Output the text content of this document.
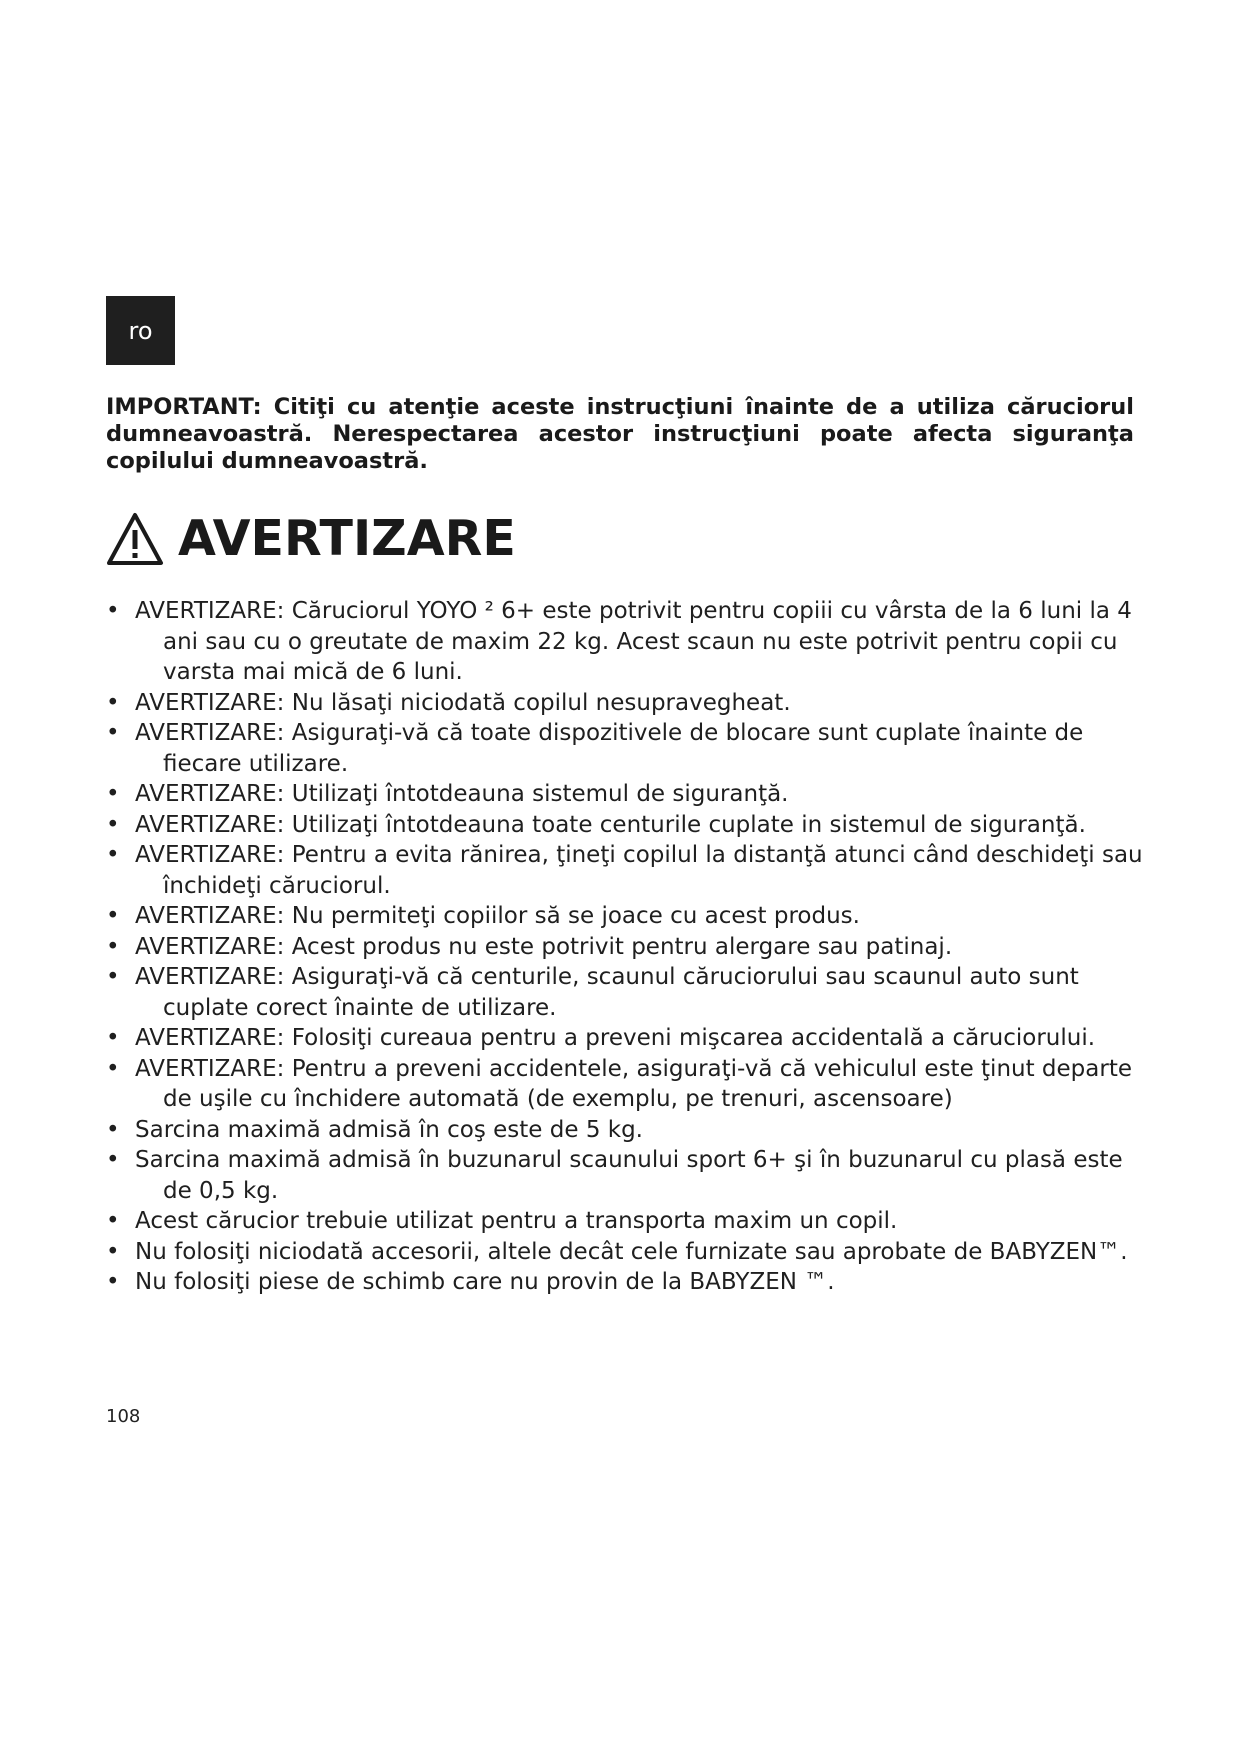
ro

IMPORTANT: Citiţi cu atenţie aceste instrucţiuni înainte de a utiliza căruciorul dumneavoastră. Nerespectarea acestor instrucţiuni poate afecta siguranţa copilului dumneavoastră.

AVERTIZARE
• AVERTIZARE: Căruciorul YOYO ² 6+ este potrivit pentru copiii cu vârsta de la 6 luni la 4 ani sau cu o greutate de maxim 22 kg. Acest scaun nu este potrivit pentru copii cu varsta mai mică de 6 luni.
• AVERTIZARE: Nu lăsaţi niciodată copilul nesupravegheat.
• AVERTIZARE: Asiguraţi-vă că toate dispozitivele de blocare sunt cuplate înainte de fiecare utilizare.
• AVERTIZARE: Utilizaţi întotdeauna sistemul de siguranţă.
• AVERTIZARE: Utilizaţi întotdeauna toate centurile cuplate in sistemul de siguranţă.
• AVERTIZARE: Pentru a evita rănirea, ţineţi copilul la distanţă atunci când deschideţi sau închideţi căruciorul.
• AVERTIZARE: Nu permiteţi copiilor să se joace cu acest produs.
• AVERTIZARE: Acest produs nu este potrivit pentru alergare sau patinaj.
• AVERTIZARE: Asiguraţi-vă că centurile, scaunul căruciorului sau scaunul auto sunt cuplate corect înainte de utilizare.
• AVERTIZARE: Folosiţi cureaua pentru a preveni mişcarea accidentală a căruciorului.
• AVERTIZARE: Pentru a preveni accidentele, asiguraţi-vă că vehiculul este ţinut departe de uşile cu închidere automată (de exemplu, pe trenuri, ascensoare)
• Sarcina maximă admisă în coş este de 5 kg.
• Sarcina maximă admisă în buzunarul scaunului sport 6+ şi în buzunarul cu plasă este de 0,5 kg.
• Acest cărucior trebuie utilizat pentru a transporta maxim un copil.
• Nu folosiţi niciodată accesorii, altele decât cele furnizate sau aprobate de BABYZEN™.
• Nu folosiţi piese de schimb care nu provin de la BABYZEN ™.
108
